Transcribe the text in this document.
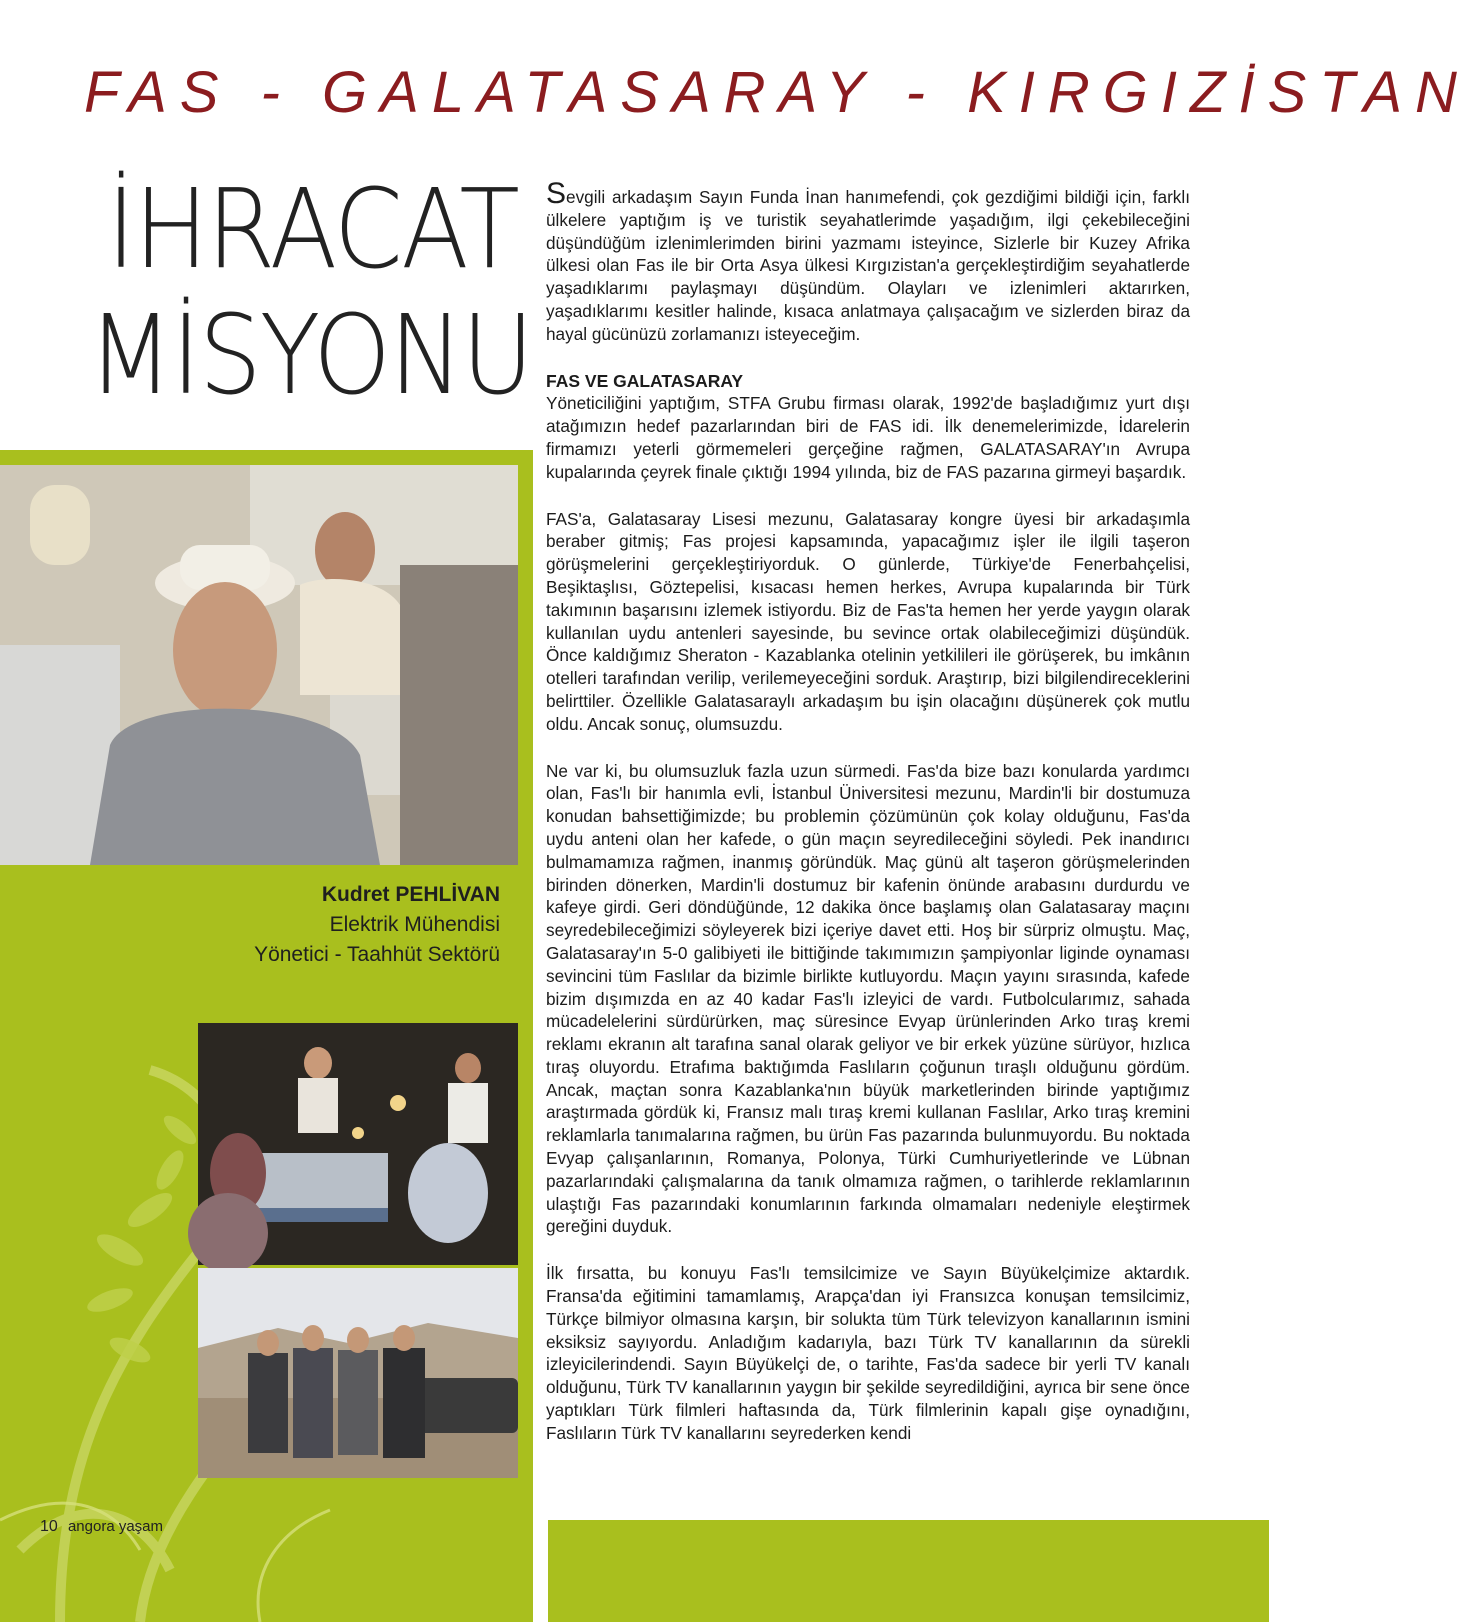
FAS - GALATASARAY - KIRGIZİSTAN
İHRACAT
MİSYONU
Kudret PEHLİVAN
Elektrik Mühendisi
Yönetici - Taahhüt Sektörü

Sevgili arkadaşım Sayın Funda İnan hanımefendi, çok gezdiğimi bildiği için, farklı ülkelere yaptığım iş ve turistik seyahatlerimde yaşadığım, ilgi çekebileceğini düşündüğüm izlenimlerimden birini yazmamı isteyince, Sizlerle bir Kuzey Afrika ülkesi olan Fas ile bir Orta Asya ülkesi Kırgızistan'a gerçekleştirdiğim seyahatlerde yaşadıklarımı paylaşmayı düşündüm. Olayları ve izlenimleri aktarırken, yaşadıklarımı kesitler halinde, kısaca anlatmaya çalışacağım ve sizlerden biraz da hayal gücünüzü zorlamanızı isteyeceğim.

FAS VE GALATASARAY

Yöneticiliğini yaptığım, STFA Grubu firması olarak, 1992'de başladığımız yurt dışı atağımızın hedef pazarlarından biri de FAS idi. İlk denemelerimizde, İdarelerin firmamızı yeterli görmemeleri gerçeğine rağmen, GALATASARAY'ın Avrupa kupalarında çeyrek finale çıktığı 1994 yılında, biz de FAS pazarına girmeyi başardık.

FAS'a, Galatasaray Lisesi mezunu, Galatasaray kongre üyesi bir arkadaşımla beraber gitmiş; Fas projesi kapsamında, yapacağımız işler ile ilgili taşeron görüşmelerini gerçekleştiriyorduk. O günlerde, Türkiye'de Fenerbahçelisi, Beşiktaşlısı, Göztepelisi, kısacası hemen herkes, Avrupa kupalarında bir Türk takımının başarısını izlemek istiyordu. Biz de Fas'ta hemen her yerde yaygın olarak kullanılan uydu antenleri sayesinde, bu sevince ortak olabileceğimizi düşündük. Önce kaldığımız Sheraton - Kazablanka otelinin yetkilileri ile görüşerek, bu imkânın otelleri tarafından verilip, verilemeyeceğini sorduk. Araştırıp, bizi bilgilendireceklerini belirttiler. Özellikle Galatasaraylı arkadaşım bu işin olacağını düşünerek çok mutlu oldu. Ancak sonuç, olumsuzdu.

Ne var ki, bu olumsuzluk fazla uzun sürmedi. Fas'da bize bazı konularda yardımcı olan, Fas'lı bir hanımla evli, İstanbul Üniversitesi mezunu, Mardin'li bir dostumuza konudan bahsettiğimizde; bu problemin çözümünün çok kolay olduğunu, Fas'da uydu anteni olan her kafede, o gün maçın seyredileceğini söyledi. Pek inandırıcı bulmamamıza rağmen, inanmış göründük. Maç günü alt taşeron görüşmelerinden birinden dönerken, Mardin'li dostumuz bir kafenin önünde arabasını durdurdu ve kafeye girdi. Geri döndüğünde, 12 dakika önce başlamış olan Galatasaray maçını seyredebileceğimizi söyleyerek bizi içeriye davet etti. Hoş bir sürpriz olmuştu. Maç, Galatasaray'ın 5-0 galibiyeti ile bittiğinde takımımızın şampiyonlar liginde oynaması sevincini tüm Faslılar da bizimle birlikte kutluyordu. Maçın yayını sırasında, kafede bizim dışımızda en az 40 kadar Fas'lı izleyici de vardı. Futbolcularımız, sahada mücadelelerini sürdürürken, maç süresince Evyap ürünlerinden Arko tıraş kremi reklamı ekranın alt tarafına sanal olarak geliyor ve bir erkek yüzüne sürüyor, hızlıca tıraş oluyordu. Etrafıma baktığımda Faslıların çoğunun tıraşlı olduğunu gördüm. Ancak, maçtan sonra Kazablanka'nın büyük marketlerinden birinde yaptığımız araştırmada gördük ki, Fransız malı tıraş kremi kullanan Faslılar, Arko tıraş kremini reklamlarla tanımalarına rağmen, bu ürün Fas pazarında bulunmuyordu. Bu noktada Evyap çalışanlarının, Romanya, Polonya, Türki Cumhuriyetlerinde ve Lübnan pazarlarındaki çalışmalarına da tanık olmamıza rağmen, o tarihlerde reklamlarının ulaştığı Fas pazarındaki konumlarının farkında olmamaları nedeniyle eleştirmek gereğini duyduk.

İlk fırsatta, bu konuyu Fas'lı temsilcimize ve Sayın Büyükelçimize aktardık. Fransa'da eğitimini tamamlamış, Arapça'dan iyi Fransızca konuşan temsilcimiz, Türkçe bilmiyor olmasına karşın, bir solukta tüm Türk televizyon kanallarının ismini eksiksiz sayıyordu. Anladığım kadarıyla, bazı Türk TV kanallarının da sürekli izleyicilerindendi. Sayın Büyükelçi de, o tarihte, Fas'da sadece bir yerli TV kanalı olduğunu, Türk TV kanallarının yaygın bir şekilde seyredildiğini, ayrıca bir sene önce yaptıkları Türk filmleri haftasında da, Türk filmlerinin kapalı gişe oynadığını, Faslıların Türk TV kanallarını seyrederken kendi

10 angora yaşam
